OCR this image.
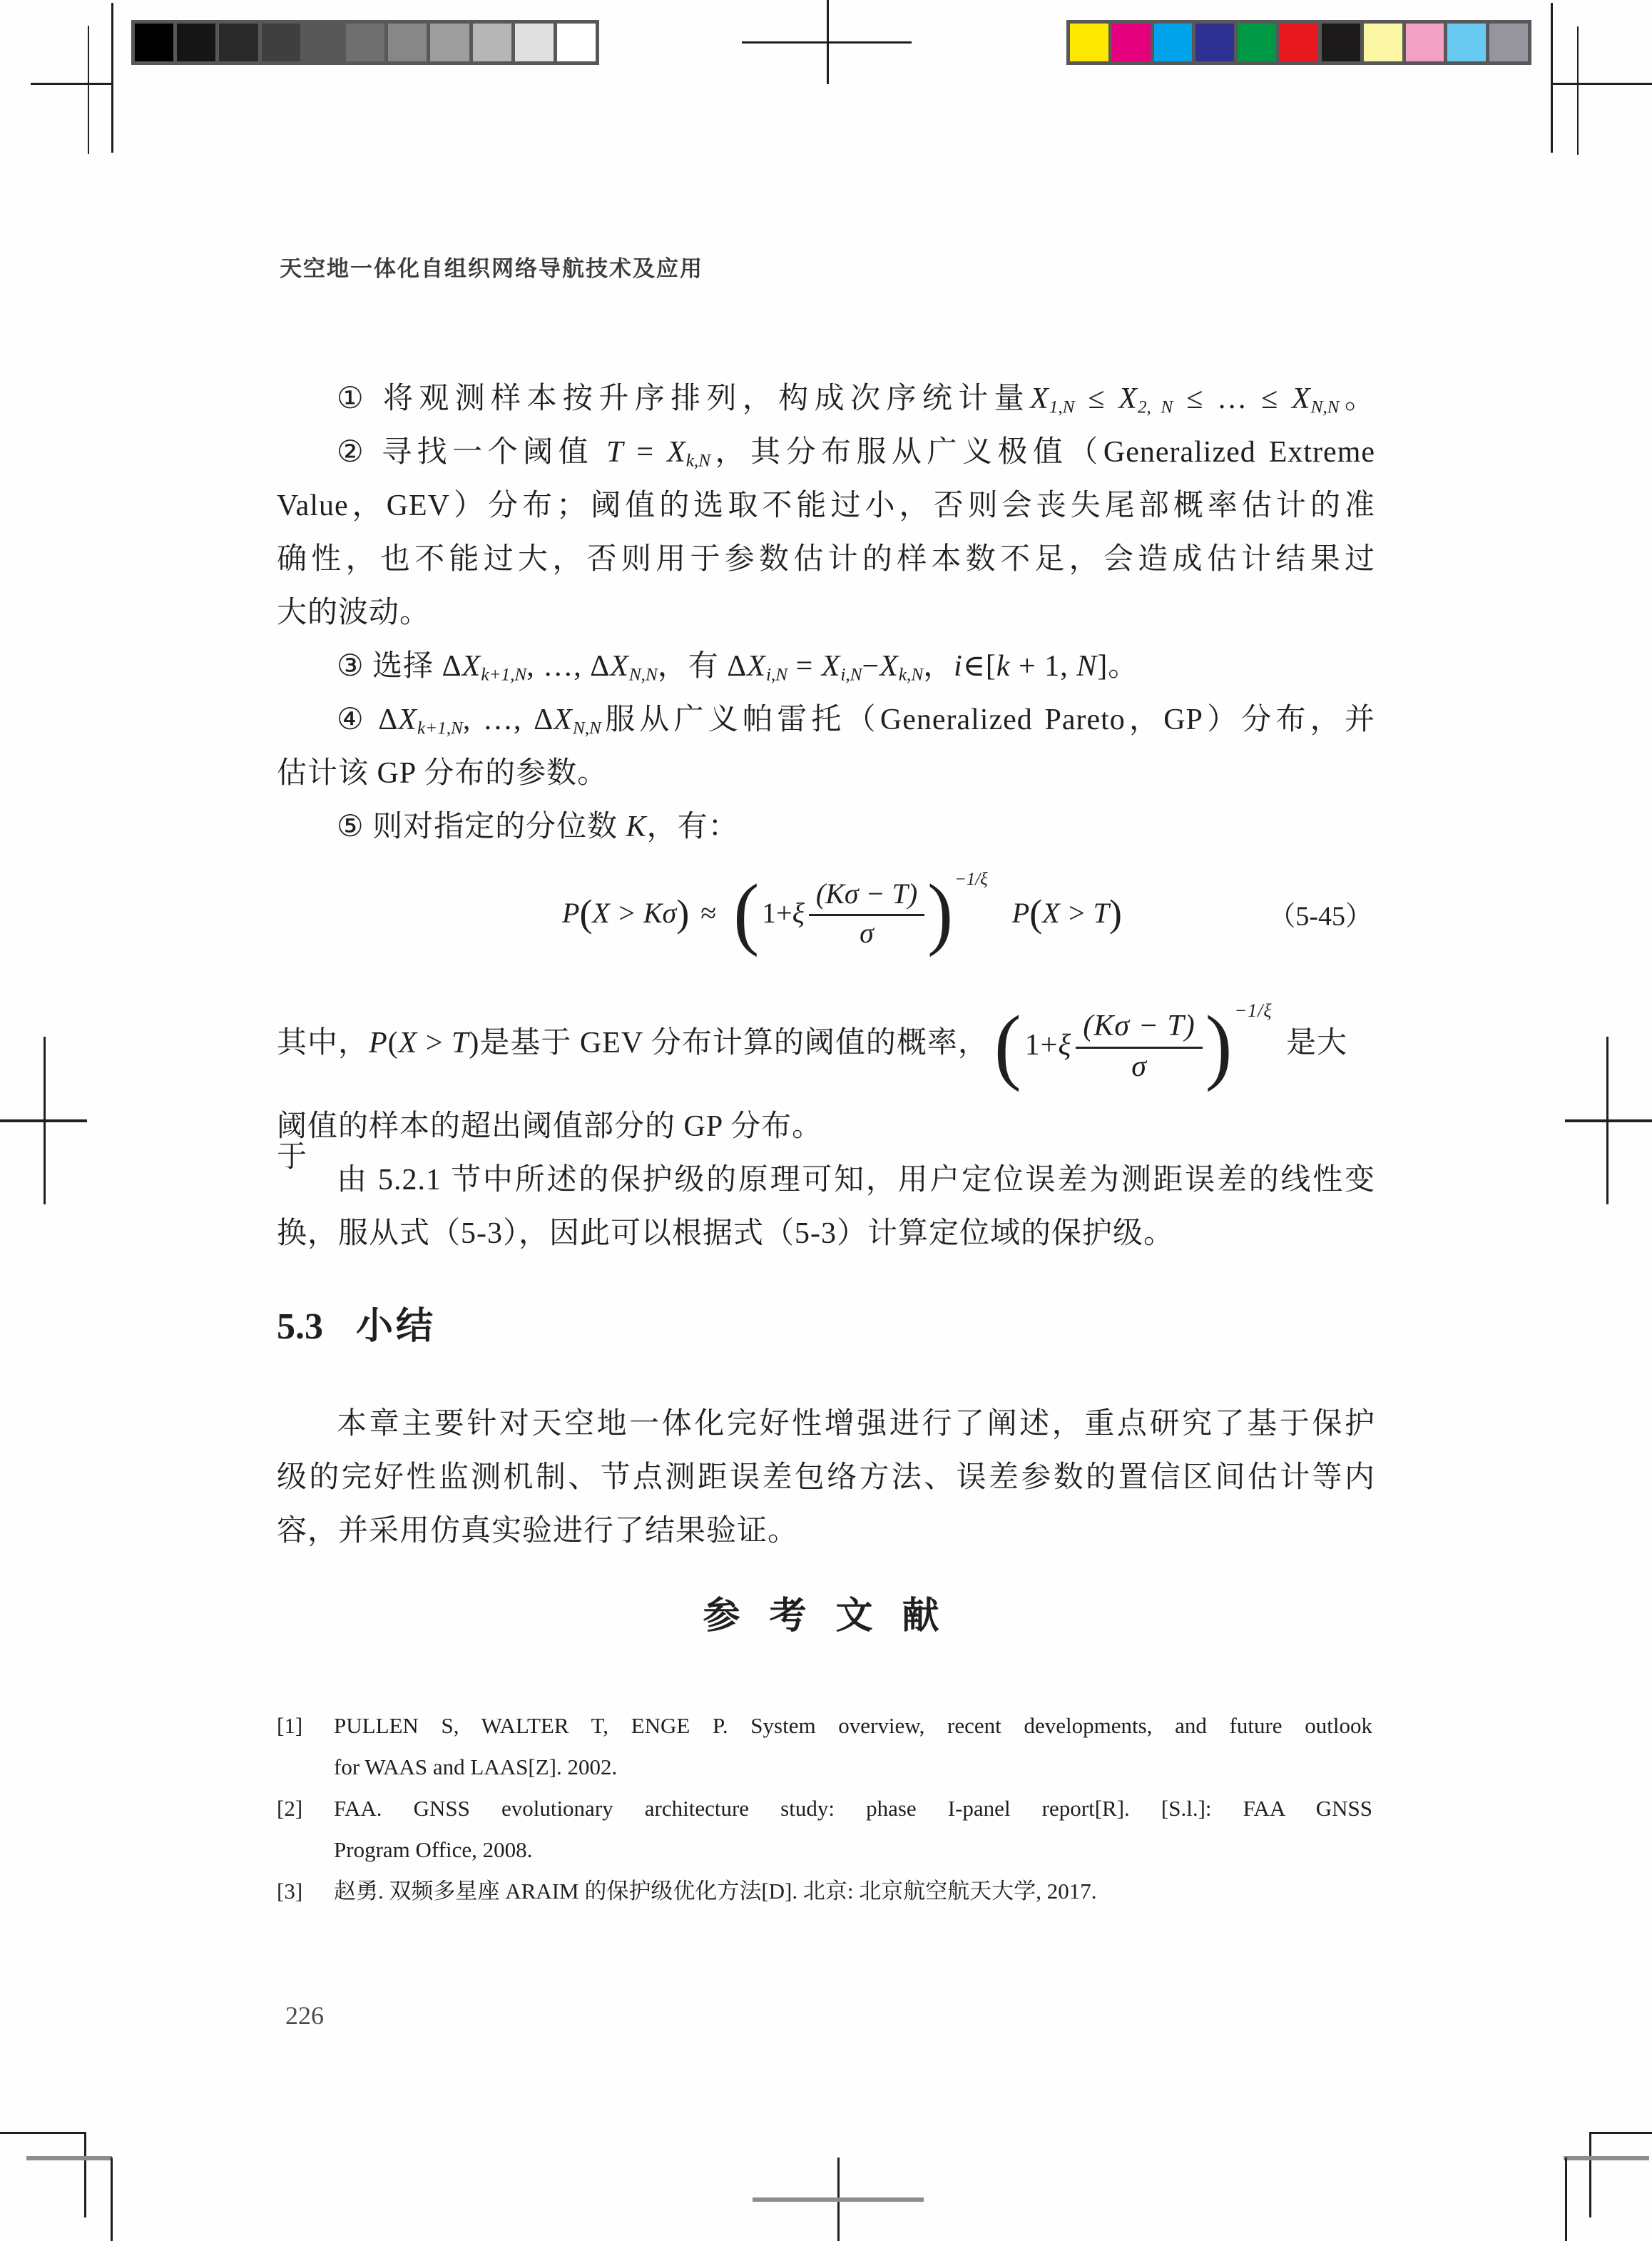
天空地一体化自组织网络导航技术及应用
① 将观测样本按升序排列，构成次序统计量X1,N ≤ X2, N ≤ … ≤ XN,N。
② 寻找一个阈值 T = Xk,N，其分布服从广义极值（Generalized Extreme
Value，GEV）分布；阈值的选取不能过小，否则会丧失尾部概率估计的准
确性，也不能过大，否则用于参数估计的样本数不足，会造成估计结果过
大的波动。
③ 选择 ΔXk+1,N, …, ΔXN,N，有 ΔXi,N = Xi,N−Xk,N，i∈[k + 1, N]。
④ ΔXk+1,N, …, ΔXN,N服从广义帕雷托（Generalized Pareto，GP）分布，并
估计该 GP 分布的参数。
⑤ 则对指定的分位数 K，有：
P ( X > Kσ ) ≈ ( 1+ ξ $\frac{(K\sigma - T)}{\sigma}$ ) −1/ξ
P ( X > T )	（5-45）
其中，P(X > T)是基于 GEV 分布计算的阈值的概率， ( 1+ ξ $\frac{(K\sigma - T)}{\sigma}$ ) −1/ξ
是大于
阈值的样本的超出阈值部分的 GP 分布。
由 5.2.1 节中所述的保护级的原理可知，用户定位误差为测距误差的线性变
换，服从式（5-3），因此可以根据式（5-3）计算定位域的保护级。
5.3 小结
本章主要针对天空地一体化完好性增强进行了阐述，重点研究了基于保护
级的完好性监测机制、节点测距误差包络方法、误差参数的置信区间估计等内
容，并采用仿真实验进行了结果验证。
参 考 文 献
[1] PULLEN S, WALTER T, ENGE P. System overview, recent developments, and future outlook
for WAAS and LAAS[Z]. 2002.
[2] FAA. GNSS evolutionary architecture study: phase I-panel report[R]. [S.l.]: FAA GNSS
Program Office, 2008.
[3] 赵勇. 双频多星座 ARAIM 的保护级优化方法[D]. 北京: 北京航空航天大学, 2017.
226
